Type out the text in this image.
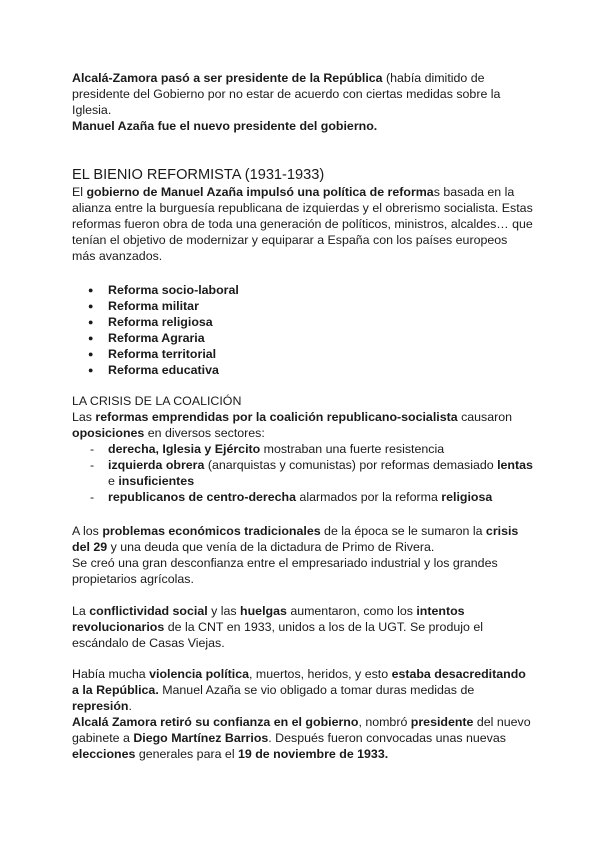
Alcalá-Zamora pasó a ser presidente de la República (había dimitido de presidente del Gobierno por no estar de acuerdo con ciertas medidas sobre la Iglesia.

Manuel Azaña fue el nuevo presidente del gobierno.

EL BIENIO REFORMISTA (1931-1933)

El gobierno de Manuel Azaña impulsó una política de reformas basada en la alianza entre la burguesía republicana de izquierdas y el obrerismo socialista. Estas reformas fueron obra de toda una generación de políticos, ministros, alcaldes… que tenían el objetivo de modernizar y equiparar a España con los países europeos más avanzados.

● Reforma socio-laboral
● Reforma militar
● Reforma religiosa
● Reforma Agraria
● Reforma territorial
● Reforma educativa
LA CRISIS DE LA COALICIÓN

Las reformas emprendidas por la coalición republicano-socialista causaron oposiciones en diversos sectores:

- derecha, Iglesia y Ejército mostraban una fuerte resistencia
- izquierda obrera (anarquistas y comunistas) por reformas demasiado lentas
e insuficientes
- republicanos de centro-derecha alarmados por la reforma religiosa

A los problemas económicos tradicionales de la época se le sumaron la crisis del 29 y una deuda que venía de la dictadura de Primo de Rivera.

Se creó una gran desconfianza entre el empresariado industrial y los grandes propietarios agrícolas.

La conflictividad social y las huelgas aumentaron, como los intentos revolucionarios de la CNT en 1933, unidos a los de la UGT. Se produjo el escándalo de Casas Viejas.

Había mucha violencia política, muertos, heridos, y esto estaba desacreditando a la República. Manuel Azaña se vio obligado a tomar duras medidas de represión.

Alcalá Zamora retiró su confianza en el gobierno, nombró presidente del nuevo gabinete a Diego Martínez Barrios. Después fueron convocadas unas nuevas elecciones generales para el 19 de noviembre de 1933.
